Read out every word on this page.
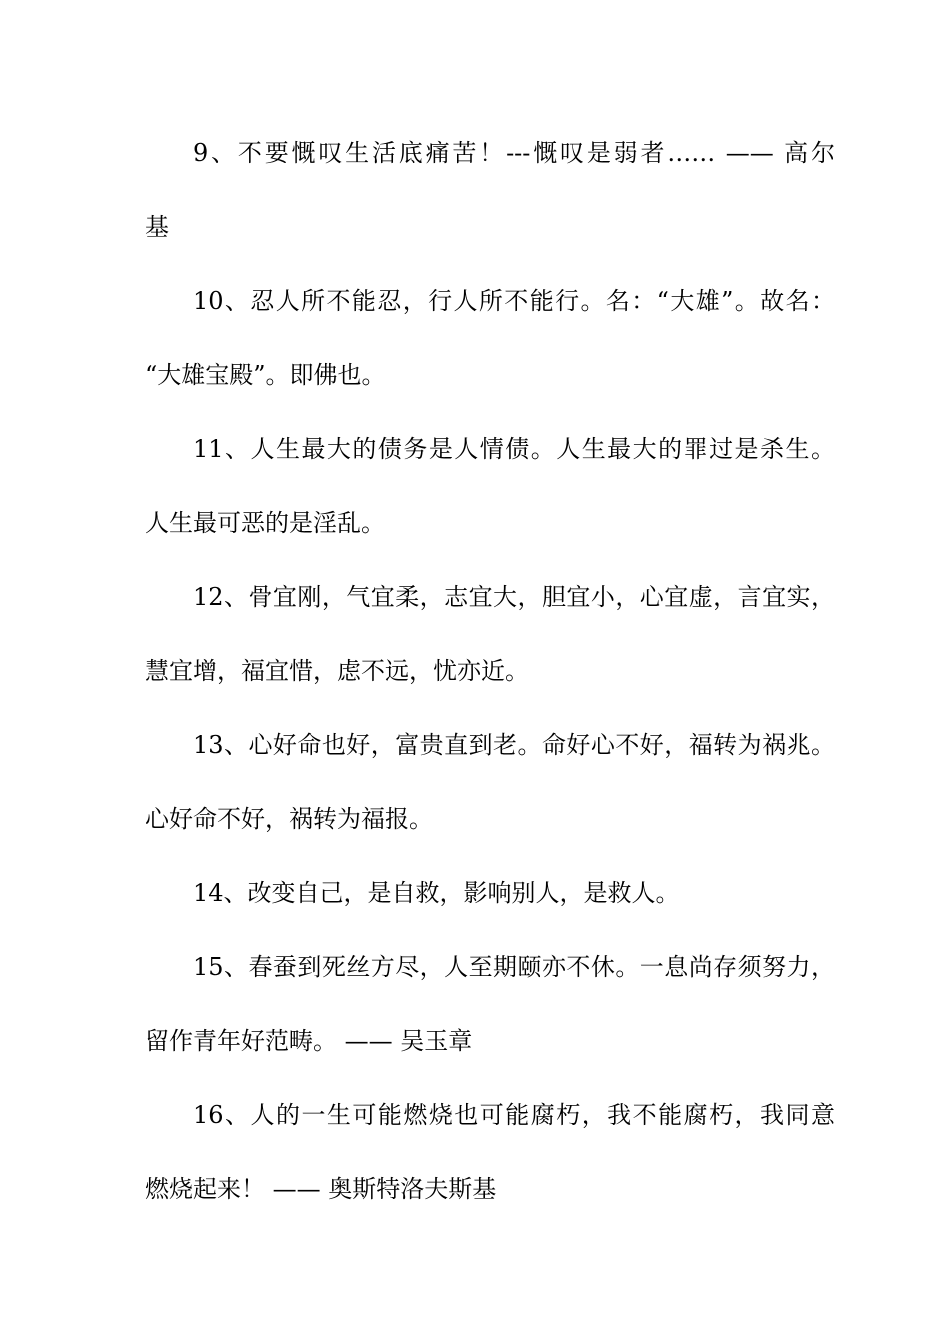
9、不要慨叹生活底痛苦！---慨叹是弱者…… —— 高尔
基
10、忍人所不能忍，行人所不能行。名：“大雄”。故名：
“大雄宝殿”。即佛也。
11、人生最大的债务是人情债。人生最大的罪过是杀生。
人生最可恶的是淫乱。
12、骨宜刚，气宜柔，志宜大，胆宜小，心宜虚，言宜实，
慧宜增，福宜惜，虑不远，忧亦近。
13、心好命也好，富贵直到老。命好心不好，福转为祸兆。
心好命不好，祸转为福报。
14、改变自己，是自救，影响别人，是救人。
15、春蚕到死丝方尽，人至期颐亦不休。一息尚存须努力，
留作青年好范畴。 —— 吴玉章
16、人的一生可能燃烧也可能腐朽，我不能腐朽，我同意
燃烧起来！ —— 奥斯特洛夫斯基
